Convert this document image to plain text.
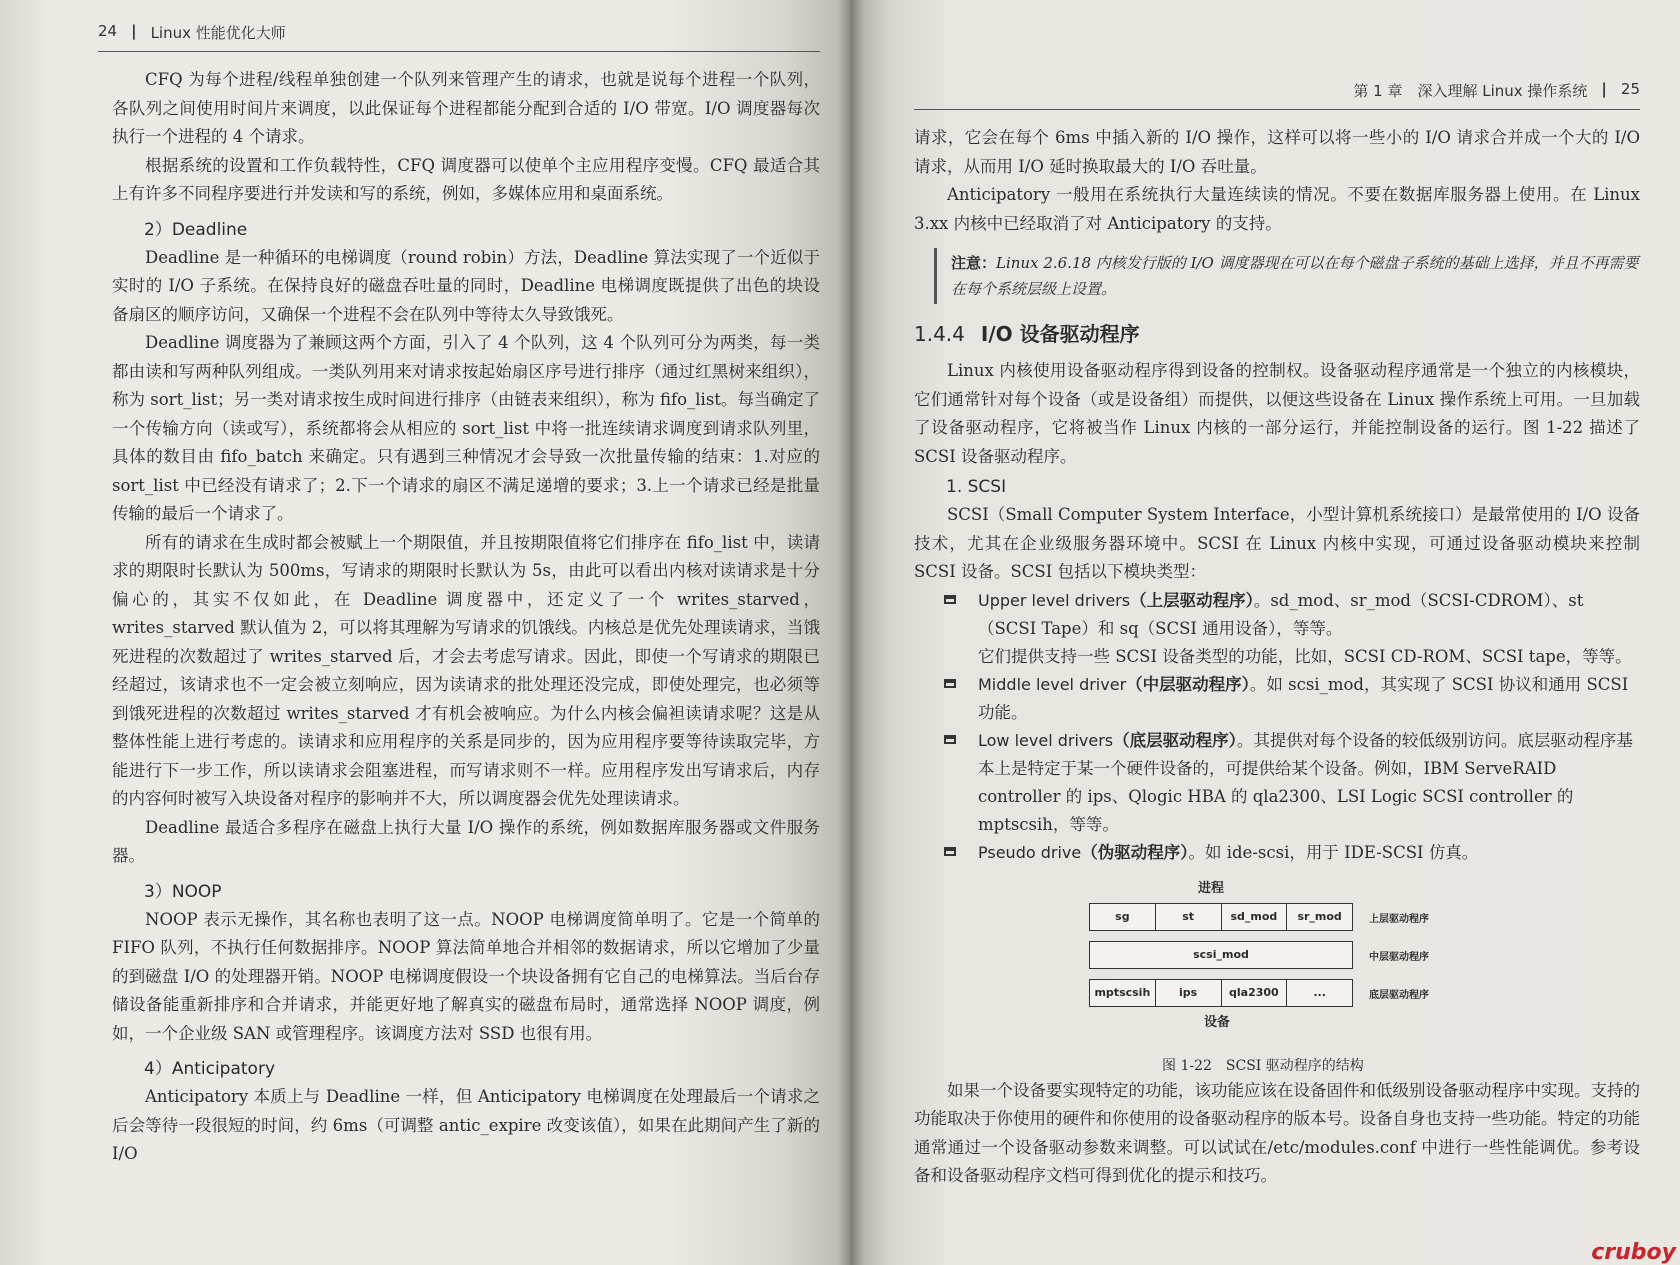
24 | Linux 性能优化大师

CFQ 为每个进程/线程单独创建一个队列来管理产生的请求，也就是说每个进程一个队列，各队列之间使用时间片来调度，以此保证每个进程都能分配到合适的 I/O 带宽。I/O 调度器每次执行一个进程的 4 个请求。

根据系统的设置和工作负载特性，CFQ 调度器可以使单个主应用程序变慢。CFQ 最适合其上有许多不同程序要进行并发读和写的系统，例如，多媒体应用和桌面系统。

2）Deadline

Deadline 是一种循环的电梯调度（round robin）方法，Deadline 算法实现了一个近似于实时的 I/O 子系统。在保持良好的磁盘吞吐量的同时，Deadline 电梯调度既提供了出色的块设备扇区的顺序访问，又确保一个进程不会在队列中等待太久导致饿死。

Deadline 调度器为了兼顾这两个方面，引入了 4 个队列，这 4 个队列可分为两类，每一类都由读和写两种队列组成。一类队列用来对请求按起始扇区序号进行排序（通过红黑树来组织），称为 sort_list；另一类对请求按生成时间进行排序（由链表来组织），称为 fifo_list。每当确定了一个传输方向（读或写），系统都将会从相应的 sort_list 中将一批连续请求调度到请求队列里，具体的数目由 fifo_batch 来确定。只有遇到三种情况才会导致一次批量传输的结束：1.对应的 sort_list 中已经没有请求了；2.下一个请求的扇区不满足递增的要求；3.上一个请求已经是批量传输的最后一个请求了。

所有的请求在生成时都会被赋上一个期限值，并且按期限值将它们排序在 fifo_list 中，读请求的期限时长默认为 500ms，写请求的期限时长默认为 5s，由此可以看出内核对读请求是十分偏心的，其实不仅如此，在 Deadline 调度器中，还定义了一个 writes_starved，writes_starved 默认值为 2，可以将其理解为写请求的饥饿线。内核总是优先处理读请求，当饿死进程的次数超过了 writes_starved 后，才会去考虑写请求。因此，即使一个写请求的期限已经超过，该请求也不一定会被立刻响应，因为读请求的批处理还没完成，即使处理完，也必须等到饿死进程的次数超过 writes_starved 才有机会被响应。为什么内核会偏袒读请求呢？这是从整体性能上进行考虑的。读请求和应用程序的关系是同步的，因为应用程序要等待读取完毕，方能进行下一步工作，所以读请求会阻塞进程，而写请求则不一样。应用程序发出写请求后，内存的内容何时被写入块设备对程序的影响并不大，所以调度器会优先处理读请求。

Deadline 最适合多程序在磁盘上执行大量 I/O 操作的系统，例如数据库服务器或文件服务器。

3）NOOP

NOOP 表示无操作，其名称也表明了这一点。NOOP 电梯调度简单明了。它是一个简单的 FIFO 队列，不执行任何数据排序。NOOP 算法简单地合并相邻的数据请求，所以它增加了少量的到磁盘 I/O 的处理器开销。NOOP 电梯调度假设一个块设备拥有它自己的电梯算法。当后台存储设备能重新排序和合并请求，并能更好地了解真实的磁盘布局时，通常选择 NOOP 调度，例如，一个企业级 SAN 或管理程序。该调度方法对 SSD 也很有用。

4）Anticipatory

Anticipatory 本质上与 Deadline 一样，但 Anticipatory 电梯调度在处理最后一个请求之后会等待一段很短的时间，约 6ms（可调整 antic_expire 改变该值），如果在此期间产生了新的 I/O

第 1 章　深入理解 Linux 操作系统 | 25

请求，它会在每个 6ms 中插入新的 I/O 操作，这样可以将一些小的 I/O 请求合并成一个大的 I/O 请求，从而用 I/O 延时换取最大的 I/O 吞吐量。

Anticipatory 一般用在系统执行大量连续读的情况。不要在数据库服务器上使用。在 Linux 3.xx 内核中已经取消了对 Anticipatory 的支持。

注意：Linux 2.6.18 内核发行版的 I/O 调度器现在可以在每个磁盘子系统的基础上选择，并且不再需要在每个系统层级上设置。
1.4.4 I/O 设备驱动程序

Linux 内核使用设备驱动程序得到设备的控制权。设备驱动程序通常是一个独立的内核模块，它们通常针对每个设备（或是设备组）而提供，以便这些设备在 Linux 操作系统上可用。一旦加载了设备驱动程序，它将被当作 Linux 内核的一部分运行，并能控制设备的运行。图 1-22 描述了 SCSI 设备驱动程序。

1. SCSI

SCSI（Small Computer System Interface，小型计算机系统接口）是最常使用的 I/O 设备技术，尤其在企业级服务器环境中。SCSI 在 Linux 内核中实现，可通过设备驱动模块来控制 SCSI 设备。SCSI 包括以下模块类型：

Upper level drivers（上层驱动程序）。sd_mod、sr_mod（SCSI-CDROM）、st（SCSI Tape）和 sq（SCSI 通用设备），等等。
它们提供支持一些 SCSI 设备类型的功能，比如，SCSI CD-ROM、SCSI tape，等等。
Middle level driver（中层驱动程序）。如 scsi_mod，其实现了 SCSI 协议和通用 SCSI 功能。
Low level drivers（底层驱动程序）。其提供对每个设备的较低级别访问。底层驱动程序基本上是特定于某一个硬件设备的，可提供给某个设备。例如，IBM ServeRAID controller 的 ips、Qlogic HBA 的 qla2300、LSI Logic SCSI controller 的 mptscsih，等等。
Pseudo drive（伪驱动程序）。如 ide-scsi，用于 IDE-SCSI 仿真。
进程
sg	st	sd_mod	sr_mod	上层驱动程序
scsi_mod	中层驱动程序
mptscsih	ips	qla2300	...	底层驱动程序
设备
图 1-22　SCSI 驱动程序的结构

如果一个设备要实现特定的功能，该功能应该在设备固件和低级别设备驱动程序中实现。支持的功能取决于你使用的硬件和你使用的设备驱动程序的版本号。设备自身也支持一些功能。特定的功能通常通过一个设备驱动参数来调整。可以试试在/etc/modules.conf 中进行一些性能调优。参考设备和设备驱动程序文档可得到优化的提示和技巧。

cruboy
